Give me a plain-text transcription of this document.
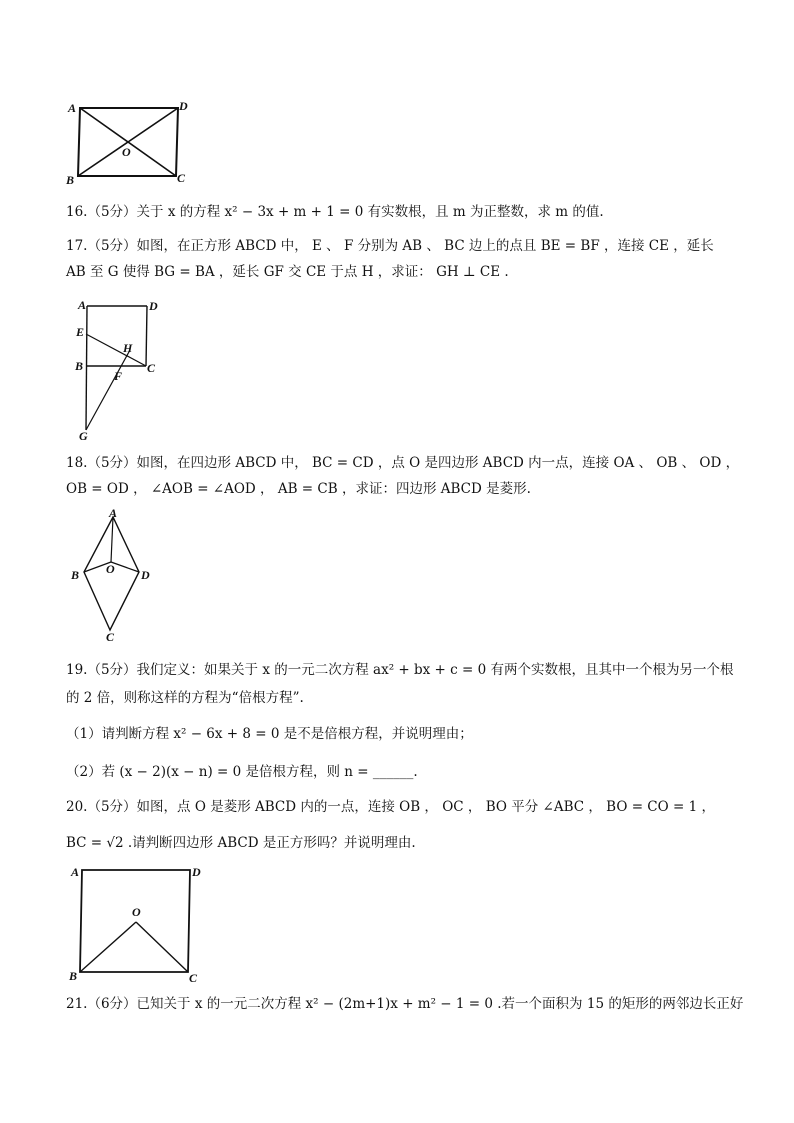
A	D
O
B	C
16.（5分）关于 x 的方程 x² − 3x + m + 1 = 0 有实数根，且 m 为正整数，求 m 的值.
17.（5分）如图，在正方形 ABCD 中， E 、 F 分别为 AB 、 BC 边上的点且 BE = BF ，连接 CE ，延长
AB 至 G 使得 BG = BA ，延长 GF 交 CE 于点 H ，求证： GH ⊥ CE .
A	D
E
H
B	C
F
G
18.（5分）如图，在四边形 ABCD 中， BC = CD ，点 O 是四边形 ABCD 内一点，连接 OA 、 OB 、 OD ，
OB = OD ， ∠AOB = ∠AOD ， AB = CB ，求证：四边形 ABCD 是菱形.
A
B O D
C
19.（5分）我们定义：如果关于 x 的一元二次方程 ax² + bx + c = 0 有两个实数根，且其中一个根为另一个根
的 2 倍，则称这样的方程为“倍根方程”.
（1）请判断方程 x² − 6x + 8 = 0 是不是倍根方程，并说明理由；
（2）若 (x − 2)(x − n) = 0 是倍根方程，则 n = ______.
20.（5分）如图，点 O 是菱形 ABCD 内的一点，连接 OB ， OC ， BO 平分 ∠ABC ， BO = CO = 1 ，
BC = √2 .请判断四边形 ABCD 是正方形吗？并说明理由.
A	D
O
B	C
21.（6分）已知关于 x 的一元二次方程 x² − (2m+1)x + m² − 1 = 0 .若一个面积为 15 的矩形的两邻边长正好
